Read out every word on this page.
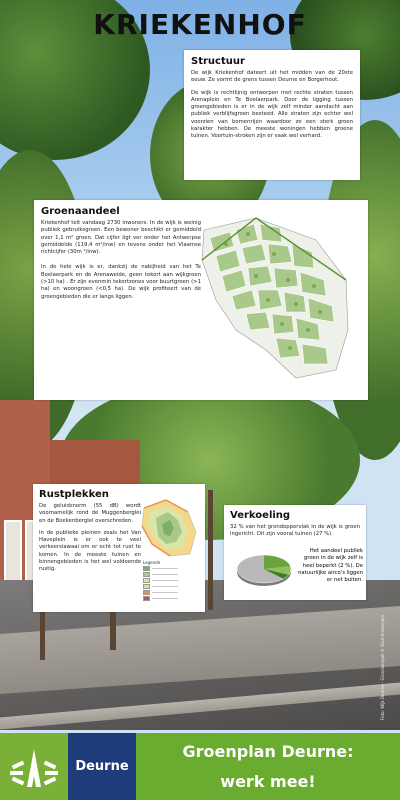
KRIEKENHOF
Structuur

De wijk Kriekenhof dateert uit het midden van de 20ste eeuw. Ze vormt de grens tussen Deurne en Borgerhout.

De wijk is rechtlijnig ontworpen met rechte straten tussen Arenaplein en Te Boelaerpark. Door de ligging tussen groengebieden is er in de wijk zelf minder aandacht aan publiek verblijfsgroen besteed. Alle straten zijn echter wel voorzien van bomenrijen waardoor ze een sterk groen karakter hebben. De meeste woningen hebben groene tuinen. Voortuin-stroken zijn er vaak wel verhard.

Groenaandeel

Kriekenhof telt vandaag 2730 inwoners. In de wijk is weinig publiek gebruiksgroen. Een bewoner beschikt er gemiddeld over 1,1 m² groen. Dat cijfer ligt ver onder het Antwerpse gemiddelde (119,4 m²/inw) en tevens onder het Vlaamse richtcijfer (30m ²/inw).

In de hele wijk is er, dankzij de nabijheid van het Te Boelaerpark en de Arenaweide, geen tekort aan wijkgroen (>10 ha) . Er zijn evenmin tekortzones voor buurtgroen (>1 ha) en woongroen (<0,5 ha). De wijk profiteert van de groengebieden die er langs liggen.

Rustplekken

De geluidsnorm (55 dB) wordt voornamelijk rond de Muggenberglei en de Boekenberglei overschreden.

In de publieke pleinen zoals het Van Haveplein is er ook te veel verkeerslawaai om er echt tot rust te komen. In de meeste tuinen en binnengebieden is het wel voldoende rustig.

Legende
Verkoeling

32 % van het grondoppervlak in de wijk is groen ingericht. Dit zijn vooral tuinen (27 %).

Het aandeel publiek groen in de wijk zelf is heel beperkt (2 %). De natuurlijke airco's liggen er net buiten.

Foto: Wijk Deurne - Grondaanpak © Stad Antwerpen
Deurne
Groenplan Deurne:
werk mee!
